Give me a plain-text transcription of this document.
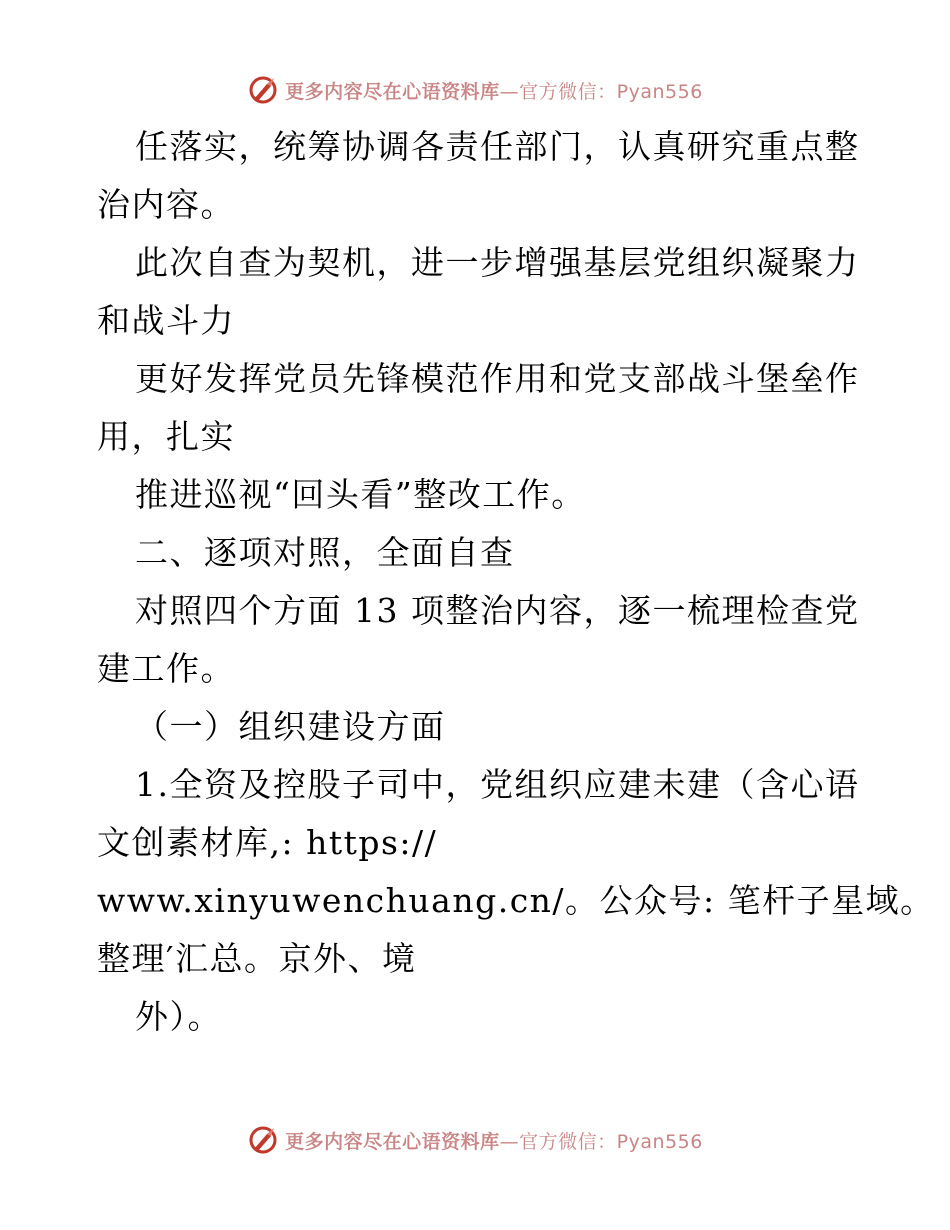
更多内容尽在心语资料库—官方微信：Pyan556
任落实，统筹协调各责任部门，认真研究重点整
治内容。
此次自查为契机，进一步增强基层党组织凝聚力
和战斗力
更好发挥党员先锋模范作用和党支部战斗堡垒作
用，扎实
推进巡视“回头看”整改工作。
二、逐项对照，全面自查
对照四个方面 13 项整治内容，逐一梳理检查党
建工作。
（一）组织建设方面
1.全资及控股子司中，党组织应建未建（含心语
文创素材库,: https://
www.xinyuwenchuang.cn/。公众号: 笔杆子星域。
整理′汇总。京外、境
外）。
更多内容尽在心语资料库—官方微信：Pyan556
